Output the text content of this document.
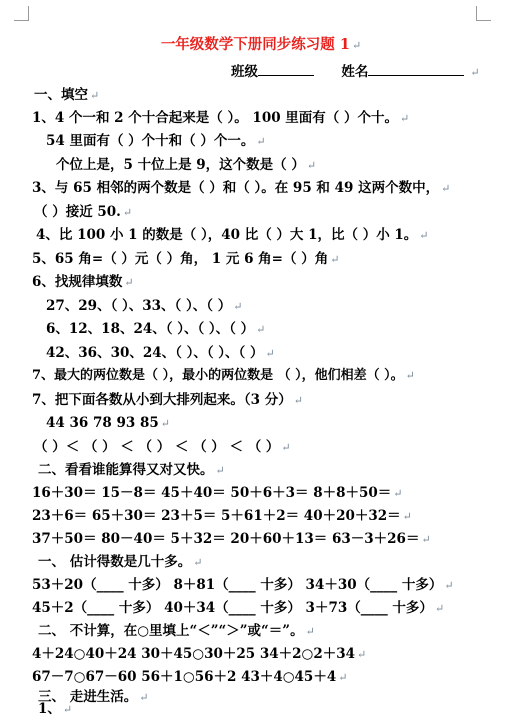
一年级数学下册同步练习题 1 ↵
班级	姓名	↵
一、填空 ↵
1、4 个一和 2 个十合起来是（ ）。 100 里面有（ ）个十。 ↵
54 里面有（ ）个十和（ ）个一。 ↵
个位上是，5 十位上是 9，这个数是（ ） ↵
3、与 65 相邻的两个数是（ ）和（ ）。在 95 和 49 这两个数中， ↵
（ ）接近 50. ↵
4、比 100 小 1 的数是（ ），40 比（ ）大 1，比（ ）小 1。 ↵
5、65 角=（ ）元（ ）角， 1 元 6 角=（ ）角 ↵
6、找规律填数 ↵
27、29、（ ）、33、（ ）、（ ） ↵
6、12、18、24、（ ）、（ ）、（ ） ↵
42、36、30、24、（ ）、（ ）、（ ） ↵
7、最大的两位数是（ ），最小的两位数是 （ ），他们相差（ ）。 ↵
7、把下面各数从小到大排列起来。（3 分） ↵
44 36 78 93 85 ↵
（ ）＜ （ ） ＜ （ ） ＜ （ ） ＜ （ ） ↵
二、看看谁能算得又对又快。 ↵
16＋30＝ 15－8＝ 45＋40＝ 50＋6＋3＝ 8＋8＋50＝ ↵
23＋6＝ 65＋30＝ 23＋5＝ 5＋61＋2＝ 40＋20＋32＝ ↵
37＋50＝ 80－40＝ 5＋32＝ 20＋60＋13＝ 63－3＋26＝ ↵
一、 估计得数是几十多。 ↵
53＋20（____ 十多） 8＋81（____ 十多） 34＋30（____ 十多） ↵
45＋2（____ 十多） 40＋34（____ 十多） 3＋73（____ 十多） ↵
二、 不计算，在○里填上“＜”“＞”或“＝”。 ↵
4＋24○40＋24 30＋45○30＋25 34＋2○2＋34 ↵
67－7○67－60 56＋1○56＋2 43＋4○45＋4 ↵
三、 走进生活。 ↵
1、 ↵
